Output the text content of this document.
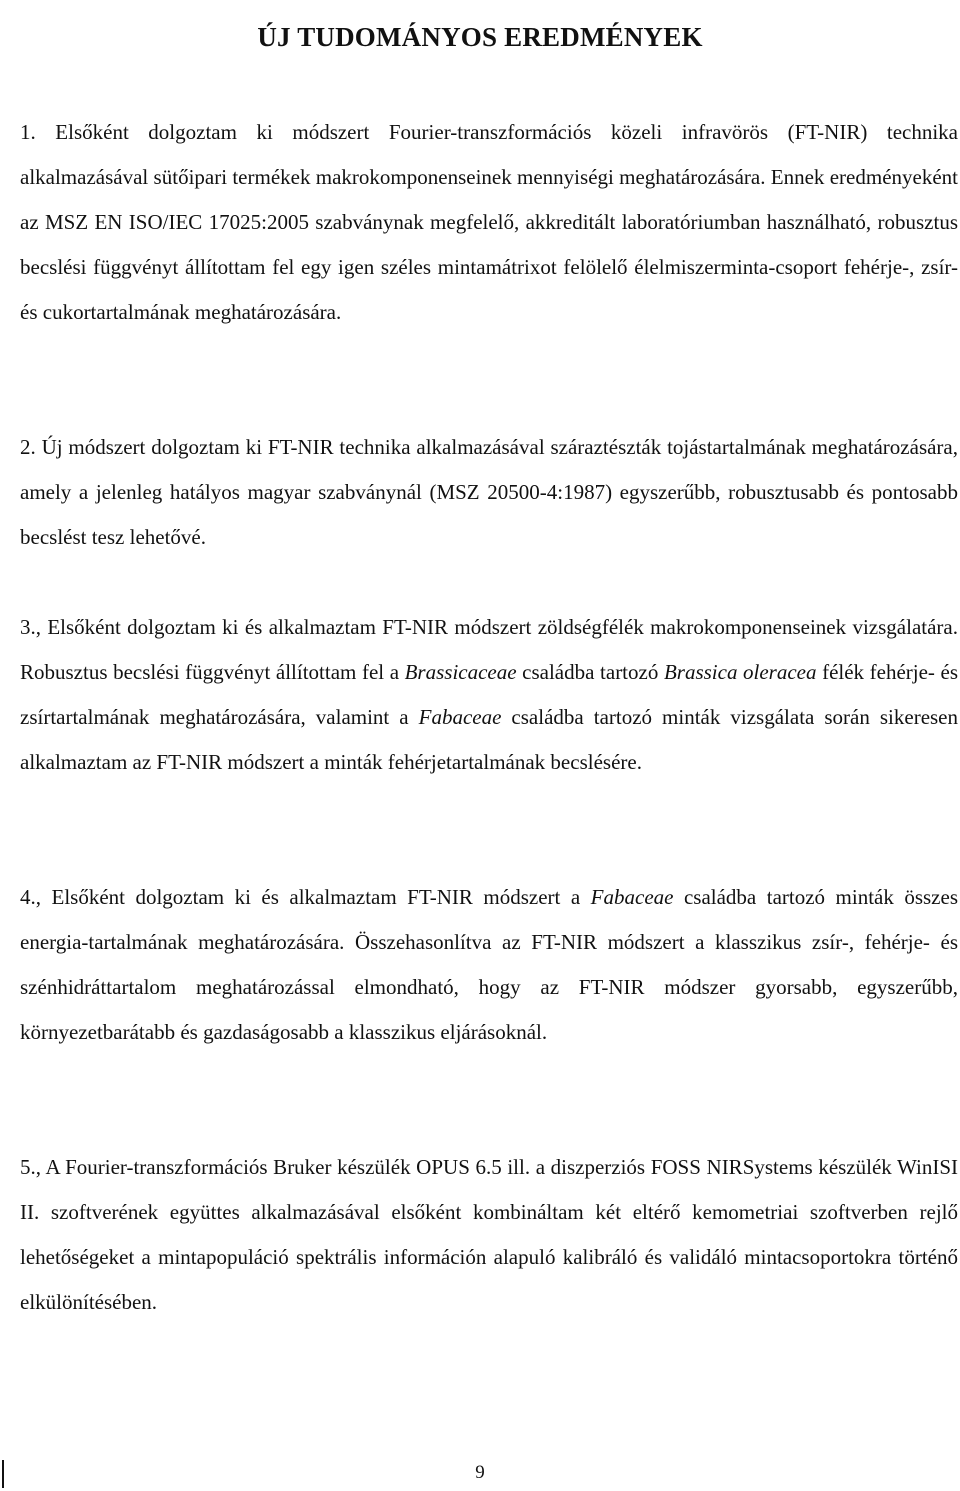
ÚJ TUDOMÁNYOS EREDMÉNYEK

1. Elsőként dolgoztam ki módszert Fourier-transzformációs közeli infravörös (FT-NIR) technika alkalmazásával sütőipari termékek makrokomponenseinek mennyiségi meghatározására. Ennek eredményeként az MSZ EN ISO/IEC 17025:2005 szabványnak megfelelő, akkreditált laboratóriumban használható, robusztus becslési függvényt állítottam fel egy igen széles mintamátrixot felölelő élelmiszerminta-csoport fehérje-, zsír- és cukortartalmának meghatározására.

2. Új módszert dolgoztam ki FT-NIR technika alkalmazásával száraztészták tojástartalmának meghatározására, amely a jelenleg hatályos magyar szabványnál (MSZ 20500-4:1987) egyszerűbb, robusztusabb és pontosabb becslést tesz lehetővé.

3., Elsőként dolgoztam ki és alkalmaztam FT-NIR módszert zöldségfélék makrokomponenseinek vizsgálatára. Robusztus becslési függvényt állítottam fel a Brassicaceae családba tartozó Brassica oleracea félék fehérje- és zsírtartalmának meghatározására, valamint a Fabaceae családba tartozó minták vizsgálata során sikeresen alkalmaztam az FT-NIR módszert a minták fehérjetartalmának becslésére.

4., Elsőként dolgoztam ki és alkalmaztam FT-NIR módszert a Fabaceae családba tartozó minták összes energia-tartalmának meghatározására. Összehasonlítva az FT-NIR módszert a klasszikus zsír-, fehérje- és szénhidráttartalom meghatározással elmondható, hogy az FT-NIR módszer gyorsabb, egyszerűbb, környezetbarátabb és gazdaságosabb a klasszikus eljárásoknál.

5., A Fourier-transzformációs Bruker készülék OPUS 6.5 ill. a diszperziós FOSS NIRSystems készülék WinISI II. szoftverének együttes alkalmazásával elsőként kombináltam két eltérő kemometriai szoftverben rejlő lehetőségeket a mintapopuláció spektrális információn alapuló kalibráló és validáló mintacsoportokra történő elkülönítésében.

9
